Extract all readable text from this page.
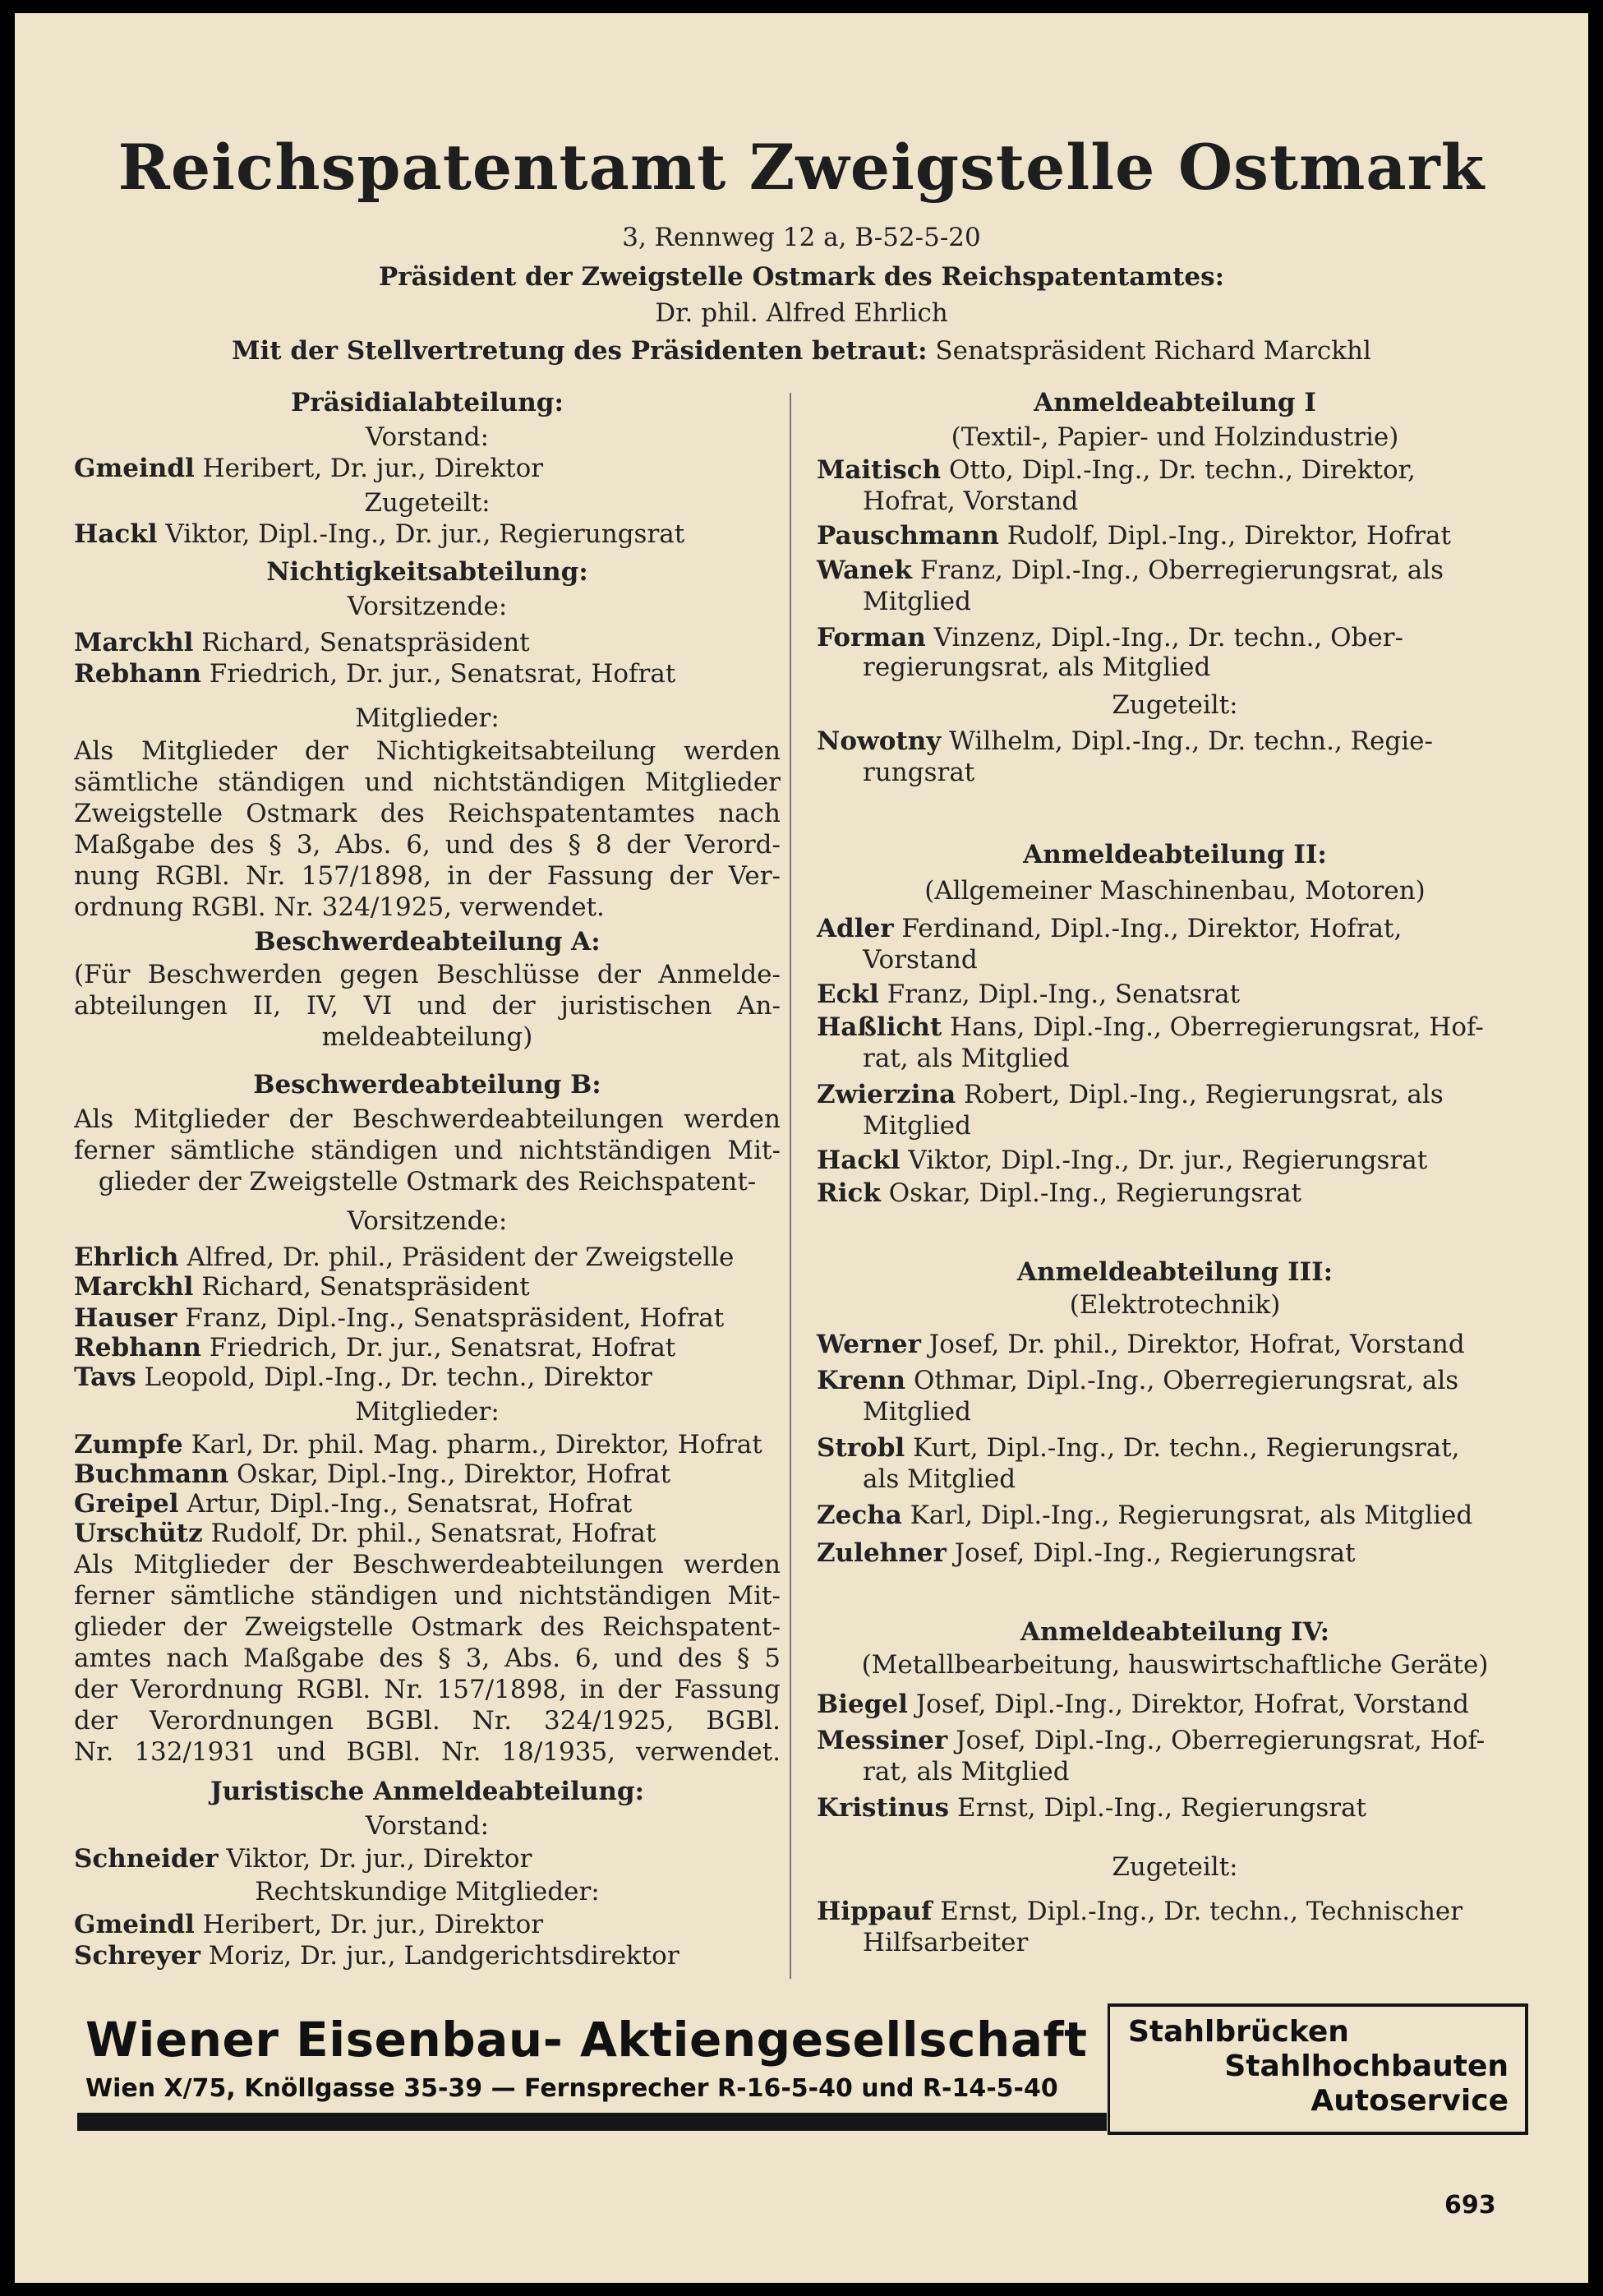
Reichspatentamt Zweigstelle Ostmark
3, Rennweg 12 a, B-52-5-20
Präsident der Zweigstelle Ostmark des Reichspatentamtes:
Dr. phil. Alfred Ehrlich
Mit der Stellvertretung des Präsidenten betraut: Senatspräsident Richard Marckhl
Präsidialabteilung:
Vorstand:
Gmeindl Heribert, Dr. jur., Direktor
Zugeteilt:
Hackl Viktor, Dipl.-Ing., Dr. jur., Regierungsrat
Nichtigkeitsabteilung:
Vorsitzende:
Marckhl Richard, Senatspräsident
Rebhann Friedrich, Dr. jur., Senatsrat, Hofrat
Mitglieder:
Als Mitglieder der Nichtigkeitsabteilung werden
sämtliche ständigen und nichtständigen Mitglieder
Zweigstelle Ostmark des Reichspatentamtes nach
Maßgabe des § 3, Abs. 6, und des § 8 der Verord-
nung RGBl. Nr. 157/1898, in der Fassung der Ver-
ordnung RGBl. Nr. 324/1925, verwendet.
Beschwerdeabteilung A:
(Für Beschwerden gegen Beschlüsse der Anmelde-
abteilungen II, IV, VI und der juristischen An-
meldeabteilung)
Beschwerdeabteilung B:
Als Mitglieder der Beschwerdeabteilungen werden
ferner sämtliche ständigen und nichtständigen Mit-
glieder der Zweigstelle Ostmark des Reichspatent-
Vorsitzende:
Ehrlich Alfred, Dr. phil., Präsident der Zweigstelle
Marckhl Richard, Senatspräsident
Hauser Franz, Dipl.-Ing., Senatspräsident, Hofrat
Rebhann Friedrich, Dr. jur., Senatsrat, Hofrat
Tavs Leopold, Dipl.-Ing., Dr. techn., Direktor
Mitglieder:
Zumpfe Karl, Dr. phil. Mag. pharm., Direktor, Hofrat
Buchmann Oskar, Dipl.-Ing., Direktor, Hofrat
Greipel Artur, Dipl.-Ing., Senatsrat, Hofrat
Urschütz Rudolf, Dr. phil., Senatsrat, Hofrat
Als Mitglieder der Beschwerdeabteilungen werden
ferner sämtliche ständigen und nichtständigen Mit-
glieder der Zweigstelle Ostmark des Reichspatent-
amtes nach Maßgabe des § 3, Abs. 6, und des § 5
der Verordnung RGBl. Nr. 157/1898, in der Fassung
der Verordnungen BGBl. Nr. 324/1925, BGBl.
Nr. 132/1931 und BGBl. Nr. 18/1935, verwendet.
Juristische Anmeldeabteilung:
Vorstand:
Schneider Viktor, Dr. jur., Direktor
Rechtskundige Mitglieder:
Gmeindl Heribert, Dr. jur., Direktor
Schreyer Moriz, Dr. jur., Landgerichtsdirektor
Anmeldeabteilung I
(Textil-, Papier- und Holzindustrie)
Maitisch Otto, Dipl.-Ing., Dr. techn., Direktor,
Hofrat, Vorstand
Pauschmann Rudolf, Dipl.-Ing., Direktor, Hofrat
Wanek Franz, Dipl.-Ing., Oberregierungsrat, als
Mitglied
Forman Vinzenz, Dipl.-Ing., Dr. techn., Ober-
regierungsrat, als Mitglied
Zugeteilt:
Nowotny Wilhelm, Dipl.-Ing., Dr. techn., Regie-
rungsrat
Anmeldeabteilung II:
(Allgemeiner Maschinenbau, Motoren)
Adler Ferdinand, Dipl.-Ing., Direktor, Hofrat,
Vorstand
Eckl Franz, Dipl.-Ing., Senatsrat
Haßlicht Hans, Dipl.-Ing., Oberregierungsrat, Hof-
rat, als Mitglied
Zwierzina Robert, Dipl.-Ing., Regierungsrat, als
Mitglied
Hackl Viktor, Dipl.-Ing., Dr. jur., Regierungsrat
Rick Oskar, Dipl.-Ing., Regierungsrat
Anmeldeabteilung III:
(Elektrotechnik)
Werner Josef, Dr. phil., Direktor, Hofrat, Vorstand
Krenn Othmar, Dipl.-Ing., Oberregierungsrat, als
Mitglied
Strobl Kurt, Dipl.-Ing., Dr. techn., Regierungsrat,
als Mitglied
Zecha Karl, Dipl.-Ing., Regierungsrat, als Mitglied
Zulehner Josef, Dipl.-Ing., Regierungsrat
Anmeldeabteilung IV:
(Metallbearbeitung, hauswirtschaftliche Geräte)
Biegel Josef, Dipl.-Ing., Direktor, Hofrat, Vorstand
Messiner Josef, Dipl.-Ing., Oberregierungsrat, Hof-
rat, als Mitglied
Kristinus Ernst, Dipl.-Ing., Regierungsrat
Zugeteilt:
Hippauf Ernst, Dipl.-Ing., Dr. techn., Technischer
Hilfsarbeiter
Wiener Eisenbau- Aktiengesellschaft
Wien X/75, Knöllgasse 35-39 — Fernsprecher R-16-5-40 und R-14-5-40
Stahlbrücken
Stahlhochbauten
Autoservice
693
